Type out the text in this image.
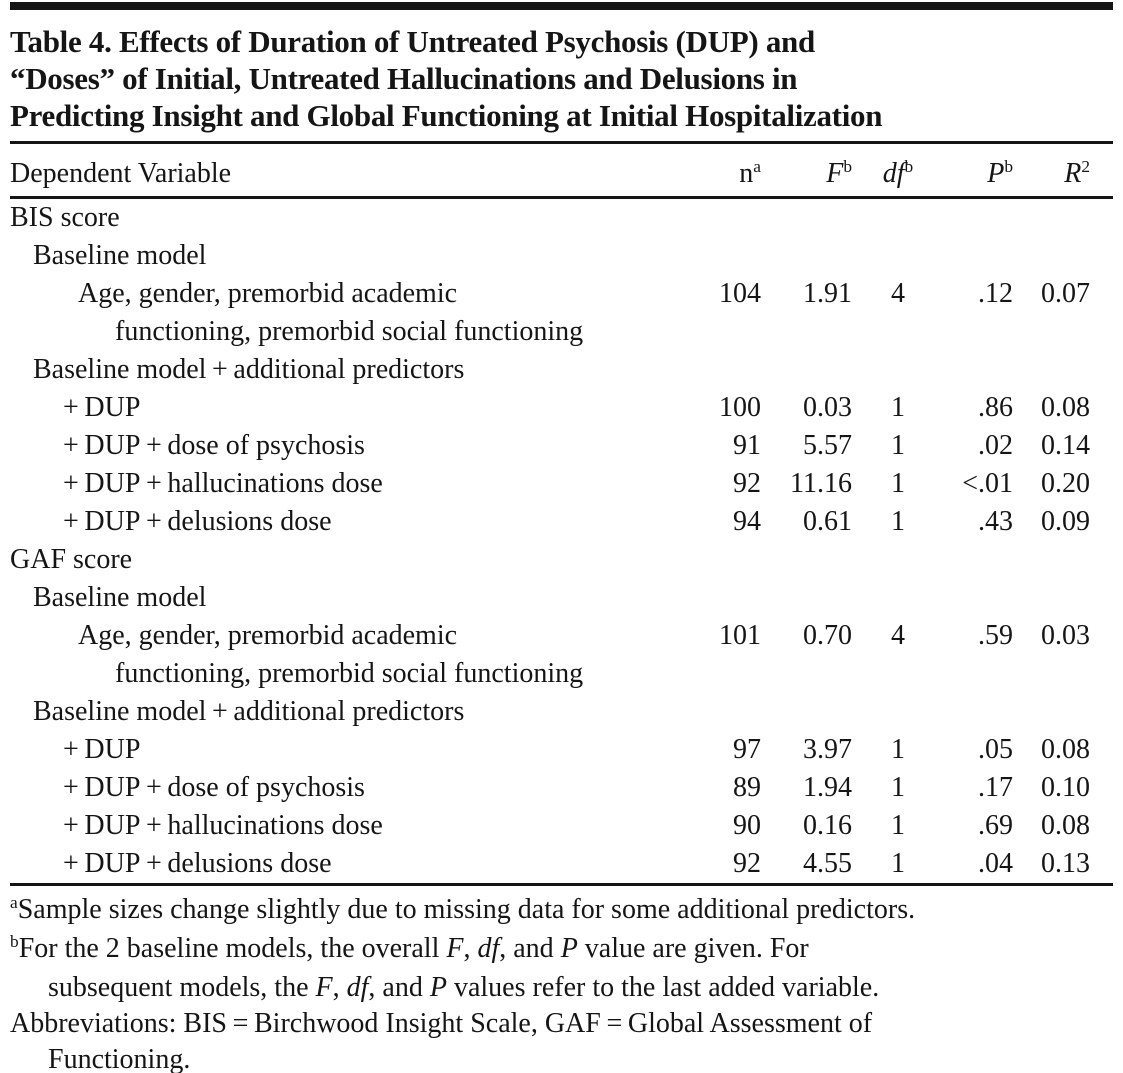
Table 4. Effects of Duration of Untreated Psychosis (DUP) and
“Doses” of Initial, Untreated Hallucinations and Delusions in
Predicting Insight and Global Functioning at Initial Hospitalization
Dependent Variable	$n^a$	$F^b$	$df^b$	$P^b$	$R^2$
BIS score					
Baseline model					
Age, gender, premorbid academic	104	1.91	4	.12	0.07
functioning, premorbid social functioning					
Baseline model + additional predictors					
+ DUP	100	0.03	1	.86	0.08
+ DUP + dose of psychosis	91	5.57	1	.02	0.14
+ DUP + hallucinations dose	92	11.16	1	<.01	0.20
+ DUP + delusions dose	94	0.61	1	.43	0.09
GAF score					
Baseline model					
Age, gender, premorbid academic	101	0.70	4	.59	0.03
functioning, premorbid social functioning					
Baseline model + additional predictors					
+ DUP	97	3.97	1	.05	0.08
+ DUP + dose of psychosis	89	1.94	1	.17	0.10
+ DUP + hallucinations dose	90	0.16	1	.69	0.08
+ DUP + delusions dose	92	4.55	1	.04	0.13

$^a$Sample sizes change slightly due to missing data for some additional predictors.

$^b$For the 2 baseline models, the overall F, df, and P value are given. For
subsequent models, the F, df, and P values refer to the last added variable.

Abbreviations: BIS = Birchwood Insight Scale, GAF = Global Assessment of
Functioning.
